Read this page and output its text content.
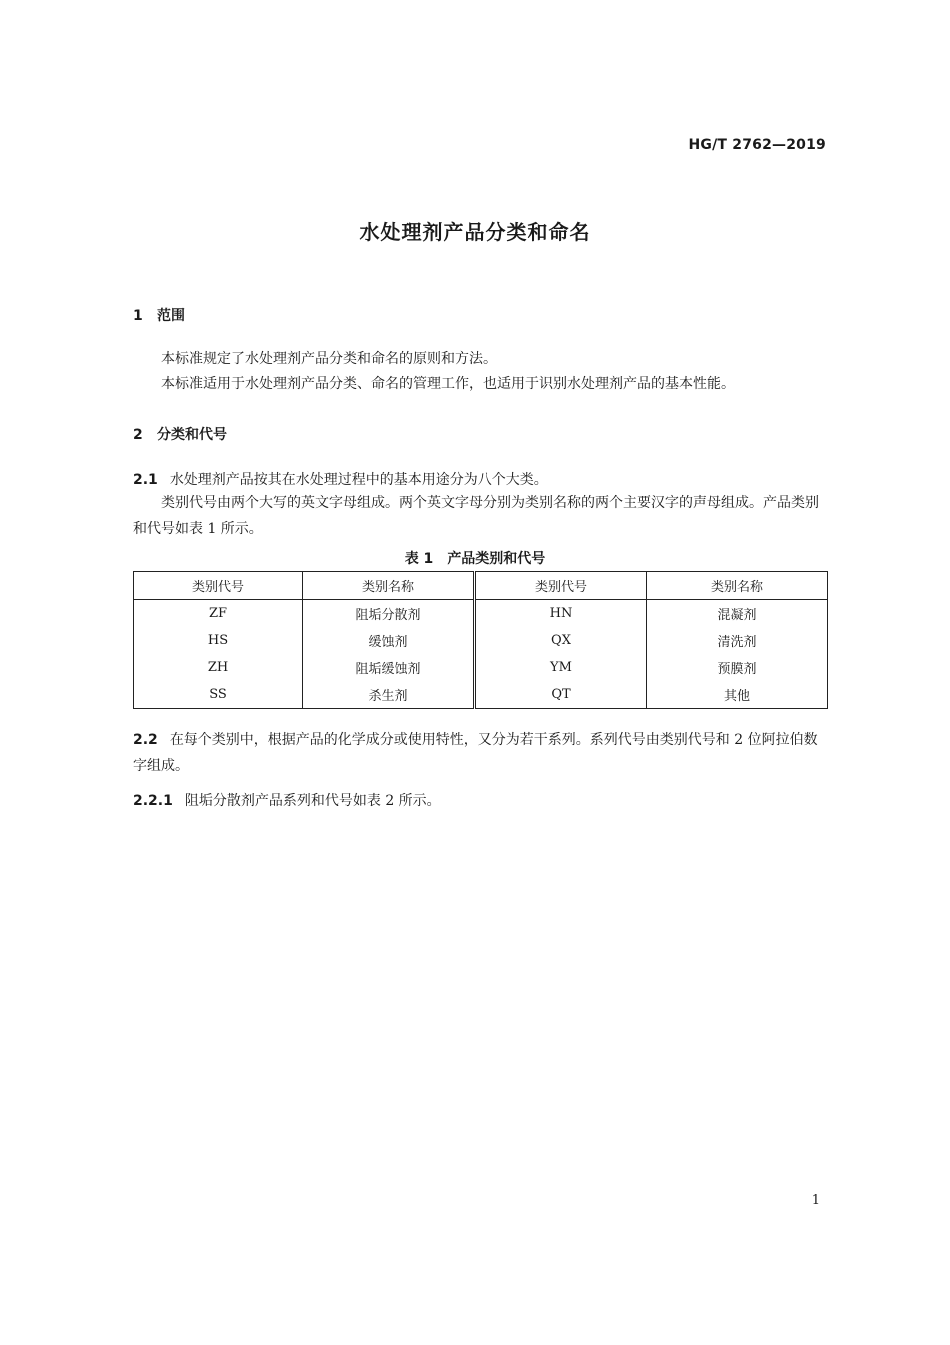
HG/T 2762—2019
水处理剂产品分类和命名
1 范围

本标准规定了水处理剂产品分类和命名的原则和方法。

本标准适用于水处理剂产品分类、命名的管理工作，也适用于识别水处理剂产品的基本性能。

2 分类和代号

2.1 水处理剂产品按其在水处理过程中的基本用途分为八个大类。

类别代号由两个大写的英文字母组成。两个英文字母分别为类别名称的两个主要汉字的声母组成。产品类别和代号如表 1 所示。

表 1 产品类别和代号
类别代号	类别名称	类别代号	类别名称
ZF	阻垢分散剂	HN	混凝剂
HS	缓蚀剂	QX	清洗剂
ZH	阻垢缓蚀剂	YM	预膜剂
SS	杀生剂	QT	其他

2.2 在每个类别中，根据产品的化学成分或使用特性，又分为若干系列。系列代号由类别代号和 2 位阿拉伯数字组成。

2.2.1 阻垢分散剂产品系列和代号如表 2 所示。

1
